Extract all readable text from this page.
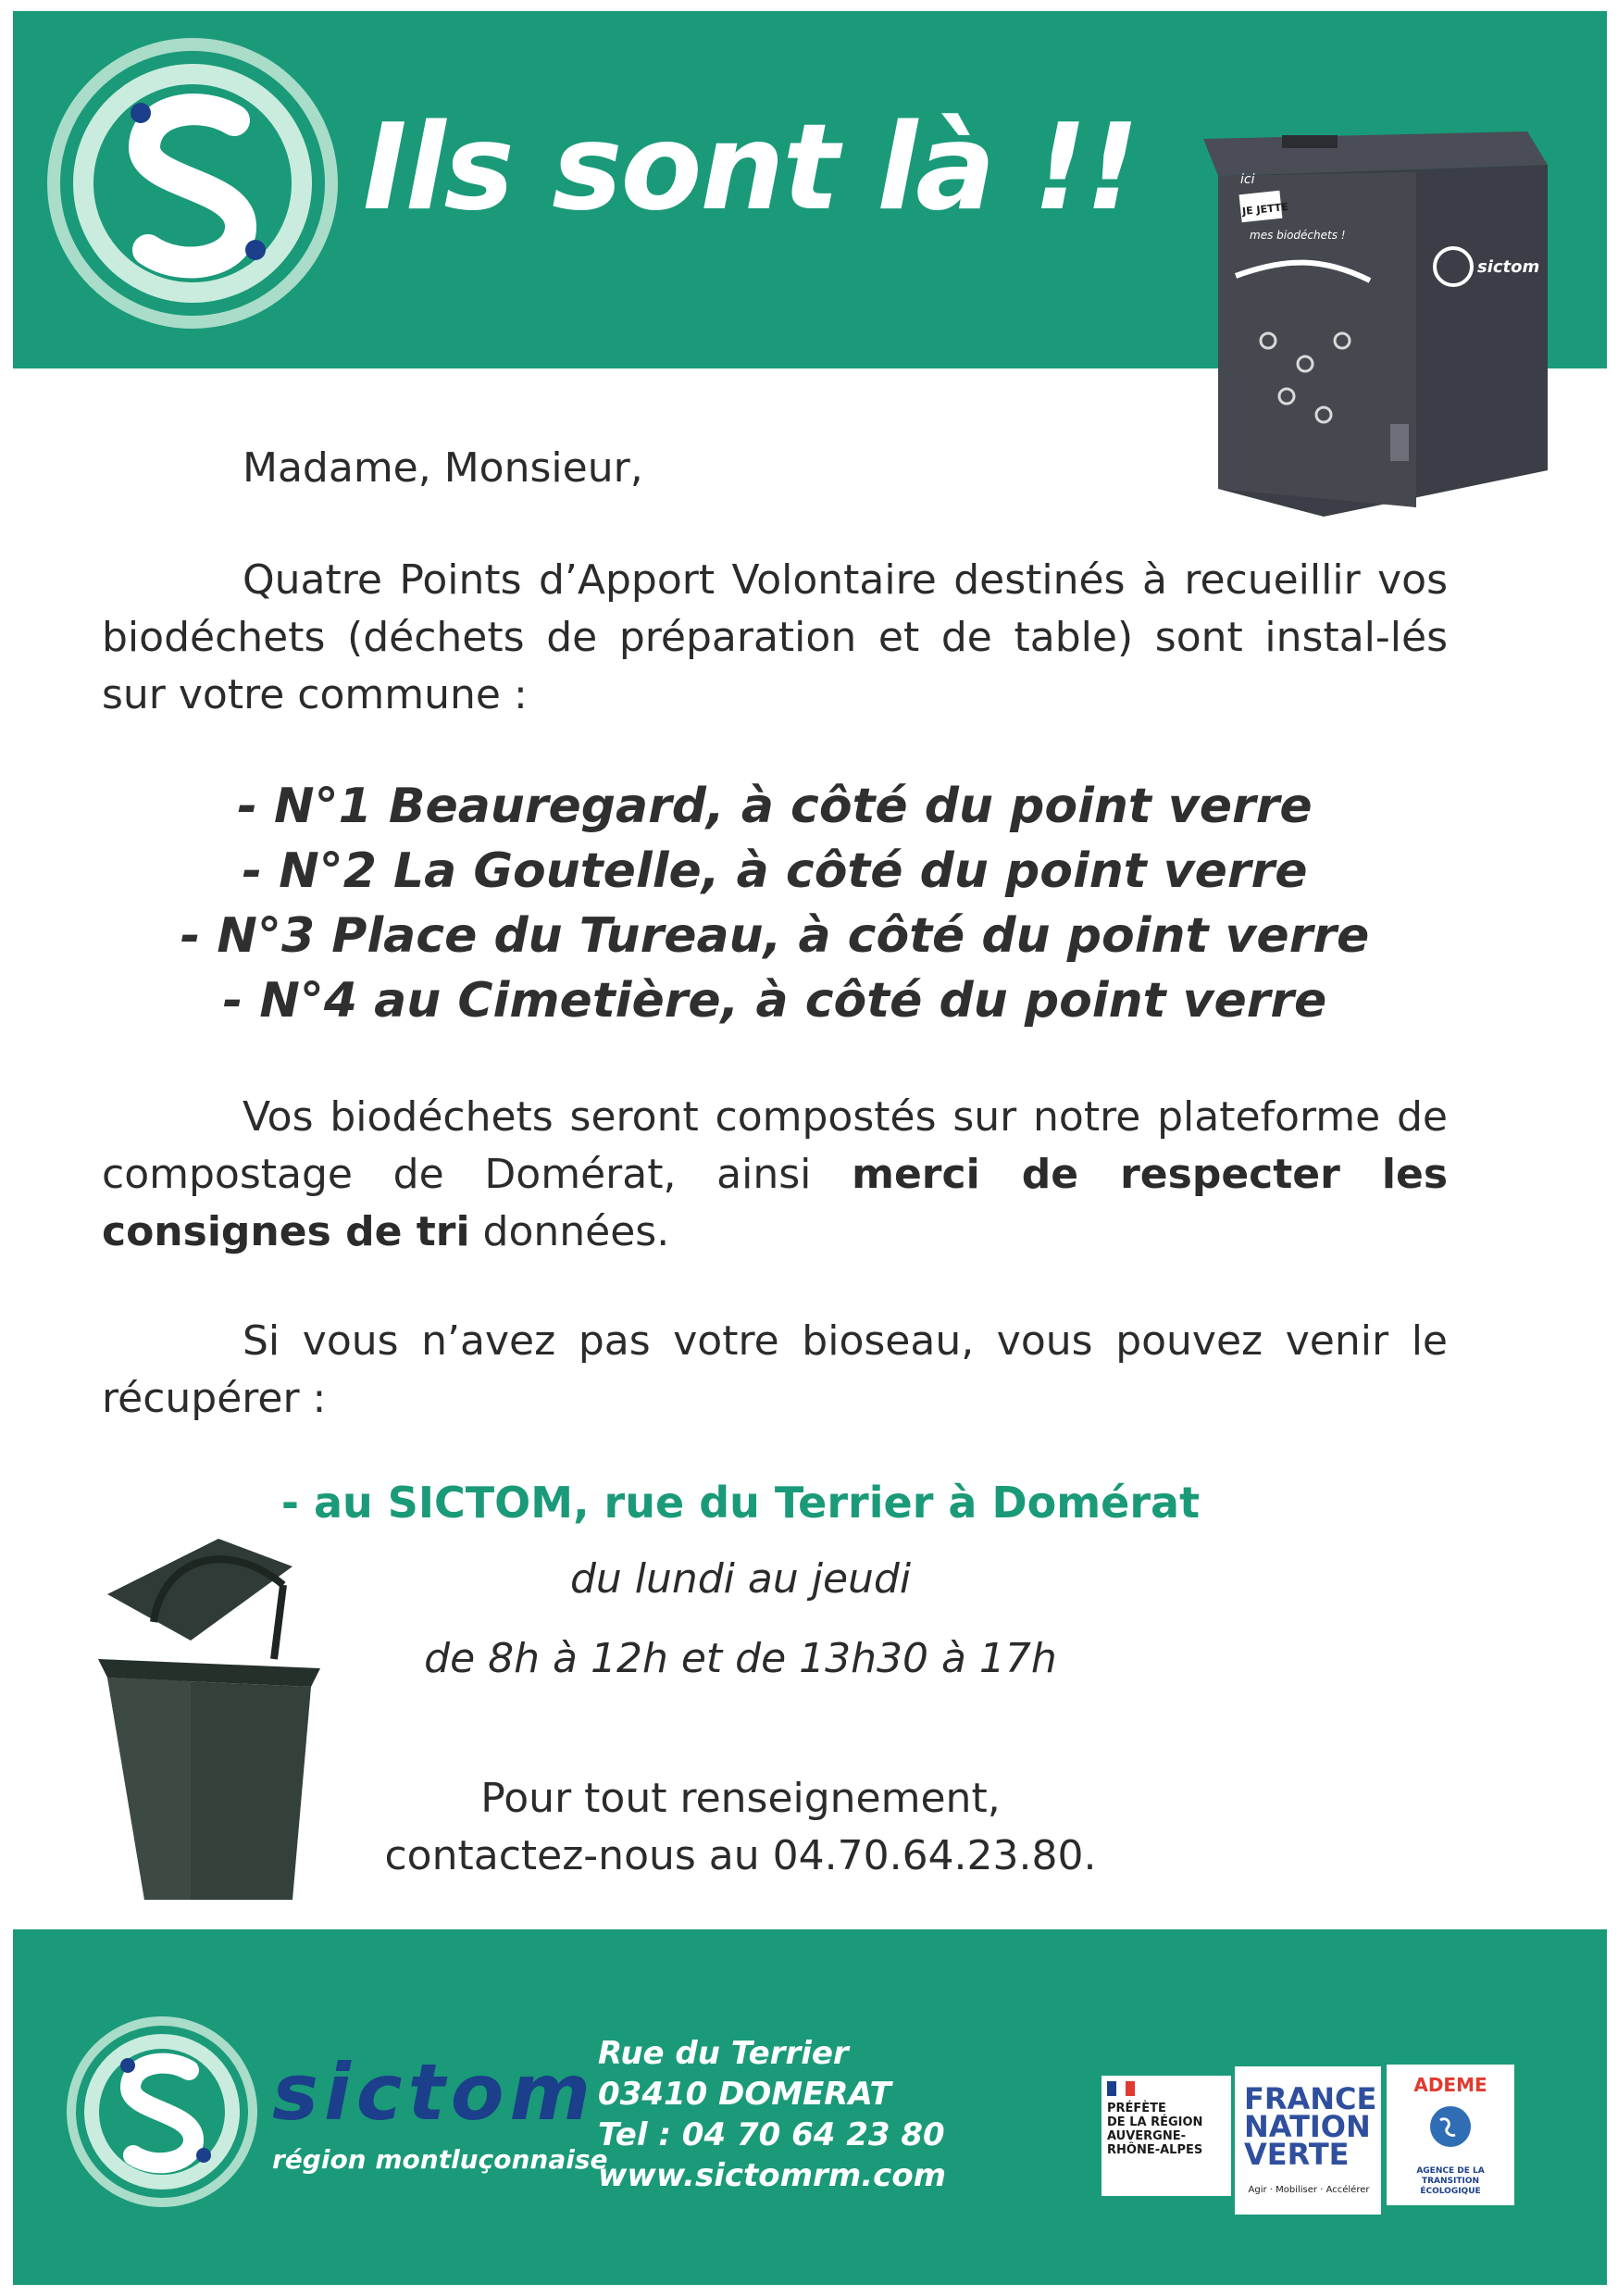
Ils sont là !!	ici
JE JETTE
mes biodéchets !
sictom
Madame, Monsieur,
Quatre Points d’Apport Volontaire destinés à recueillir vos biodéchets (déchets de préparation et de table) sont instal-lés sur votre commune :
- N°1 Beauregard, à côté du point verre
- N°2 La Goutelle, à côté du point verre
- N°3 Place du Tureau, à côté du point verre
- N°4 au Cimetière, à côté du point verre
Vos biodéchets seront compostés sur notre plateforme de compostage de Domérat, ainsi merci de respecter les consignes de tri données.
Si vous n’avez pas votre bioseau, vous pouvez venir le récupérer :
- au SICTOM, rue du Terrier à Domérat
du lundi au jeudi
de 8h à 12h et de 13h30 à 17h
Pour tout renseignement,
contactez-nous au 04.70.64.23.80.
sictom
région montluçonnaise
Rue du Terrier
03410 DOMERAT
Tel : 04 70 64 23 80
www.sictomrm.com
PRÉFÈTE
DE LA RÉGION
AUVERGNE-
RHÔNE-ALPES
FRANCE
NATION
VERTE
Agir · Mobiliser · Accélérer
ADEME
AGENCE DE LA TRANSITION ÉCOLOGIQUE
